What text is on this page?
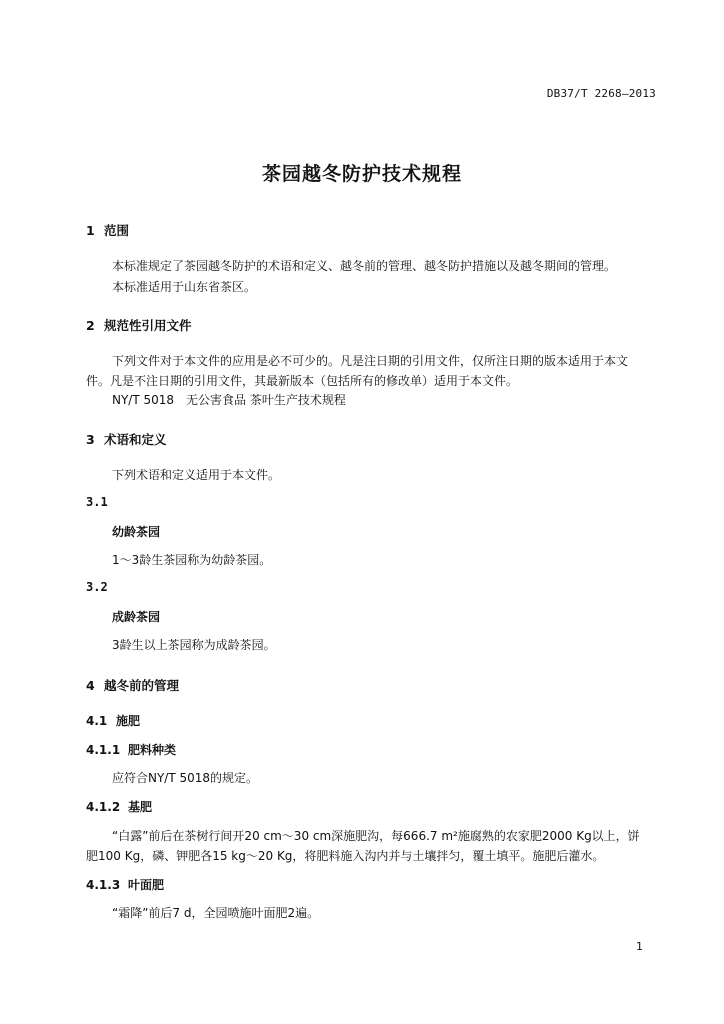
DB37/T 2268—2013
茶园越冬防护技术规程
1 范围
本标准规定了茶园越冬防护的术语和定义、越冬前的管理、越冬防护措施以及越冬期间的管理。
本标准适用于山东省茶区。
2 规范性引用文件
下列文件对于本文件的应用是必不可少的。凡是注日期的引用文件，仅所注日期的版本适用于本文
件。凡是不注日期的引用文件，其最新版本（包括所有的修改单）适用于本文件。
NY/T 5018　无公害食品 茶叶生产技术规程
3 术语和定义
下列术语和定义适用于本文件。
3.1
幼龄茶园
1～3龄生茶园称为幼龄茶园。
3.2
成龄茶园
3龄生以上茶园称为成龄茶园。
4 越冬前的管理
4.1 施肥
4.1.1 肥料种类
应符合NY/T 5018的规定。
4.1.2 基肥
“白露”前后在茶树行间开20 cm～30 cm深施肥沟，每666.7 m²施腐熟的农家肥2000 Kg以上，饼
肥100 Kg，磷、钾肥各15 kg～20 Kg，将肥料施入沟内并与土壤拌匀，覆土填平。施肥后灌水。
4.1.3 叶面肥
“霜降”前后7 d，全园喷施叶面肥2遍。
1
